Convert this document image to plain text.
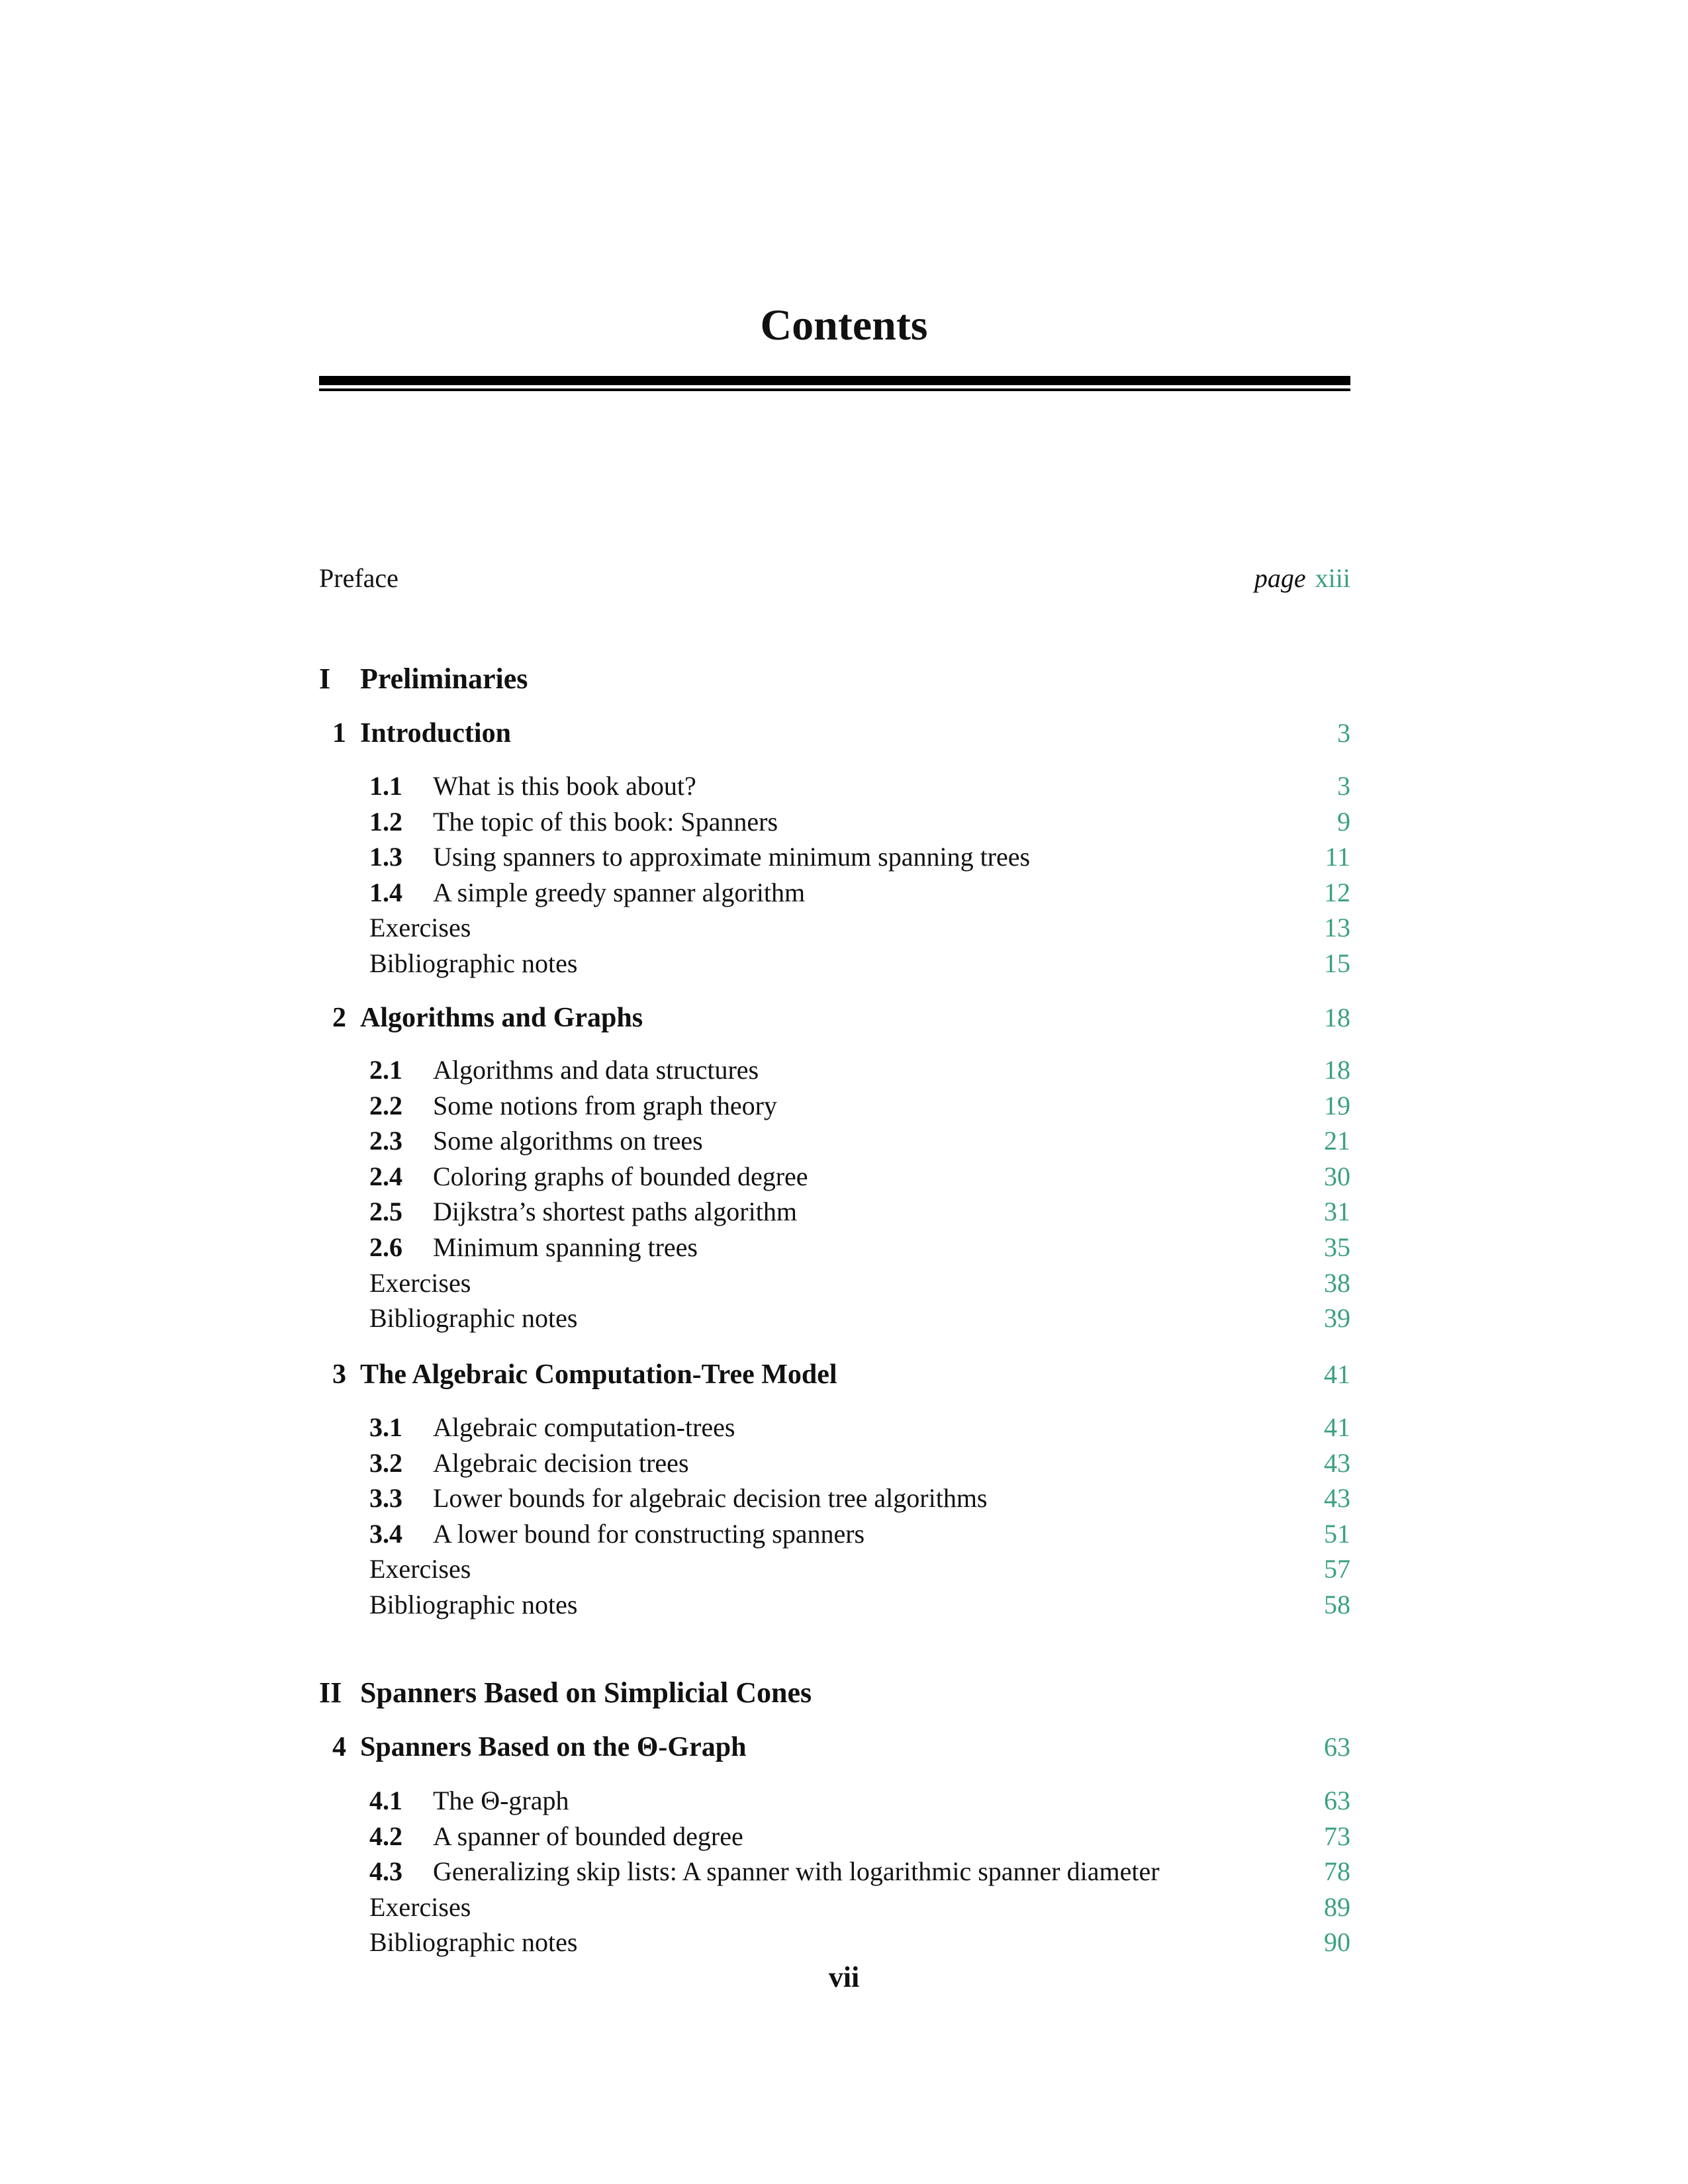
Contents
Preface	page xiii
I Preliminaries
1 Introduction	3
1.1 What is this book about?	3
1.2 The topic of this book: Spanners	9
1.3 Using spanners to approximate minimum spanning trees	11
1.4 A simple greedy spanner algorithm	12
Exercises	13
Bibliographic notes	15
2 Algorithms and Graphs	18
2.1 Algorithms and data structures	18
2.2 Some notions from graph theory	19
2.3 Some algorithms on trees	21
2.4 Coloring graphs of bounded degree	30
2.5 Dijkstra’s shortest paths algorithm	31
2.6 Minimum spanning trees	35
Exercises	38
Bibliographic notes	39
3 The Algebraic Computation-Tree Model	41
3.1 Algebraic computation-trees	41
3.2 Algebraic decision trees	43
3.3 Lower bounds for algebraic decision tree algorithms	43
3.4 A lower bound for constructing spanners	51
Exercises	57
Bibliographic notes	58
II Spanners Based on Simplicial Cones
4 Spanners Based on the Θ-Graph	63
4.1 The Θ-graph	63
4.2 A spanner of bounded degree	73
4.3 Generalizing skip lists: A spanner with logarithmic spanner diameter	78
Exercises	89
Bibliographic notes	90
vii
